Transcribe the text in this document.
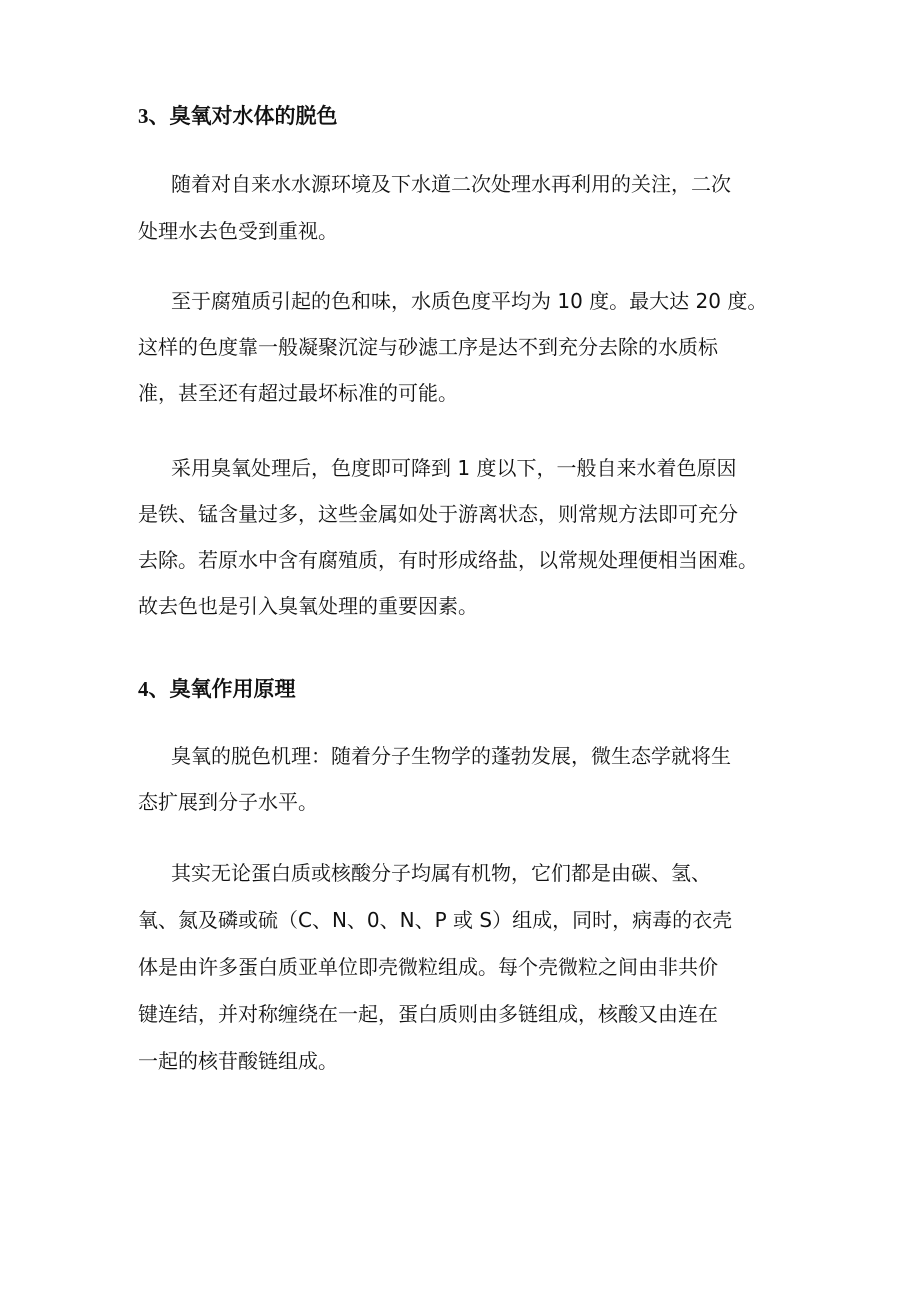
3、臭氧对水体的脱色
随着对自来水水源环境及下水道二次处理水再利用的关注，二次
处理水去色受到重视。
至于腐殖质引起的色和味，水质色度平均为 10 度。最大达 20 度。
这样的色度靠一般凝聚沉淀与砂滤工序是达不到充分去除的水质标
准，甚至还有超过最坏标准的可能。
采用臭氧处理后，色度即可降到 1 度以下，一般自来水着色原因
是铁、锰含量过多，这些金属如处于游离状态，则常规方法即可充分
去除。若原水中含有腐殖质，有时形成络盐，以常规处理便相当困难。
故去色也是引入臭氧处理的重要因素。
4、臭氧作用原理
臭氧的脱色机理：随着分子生物学的蓬勃发展，微生态学就将生
态扩展到分子水平。
其实无论蛋白质或核酸分子均属有机物，它们都是由碳、氢、
氧、氮及磷或硫（C、N、0、N、P 或 S）组成，同时，病毒的衣壳
体是由许多蛋白质亚单位即壳微粒组成。每个壳微粒之间由非共价
键连结，并对称缠绕在一起，蛋白质则由多链组成，核酸又由连在
一起的核苷酸链组成。
